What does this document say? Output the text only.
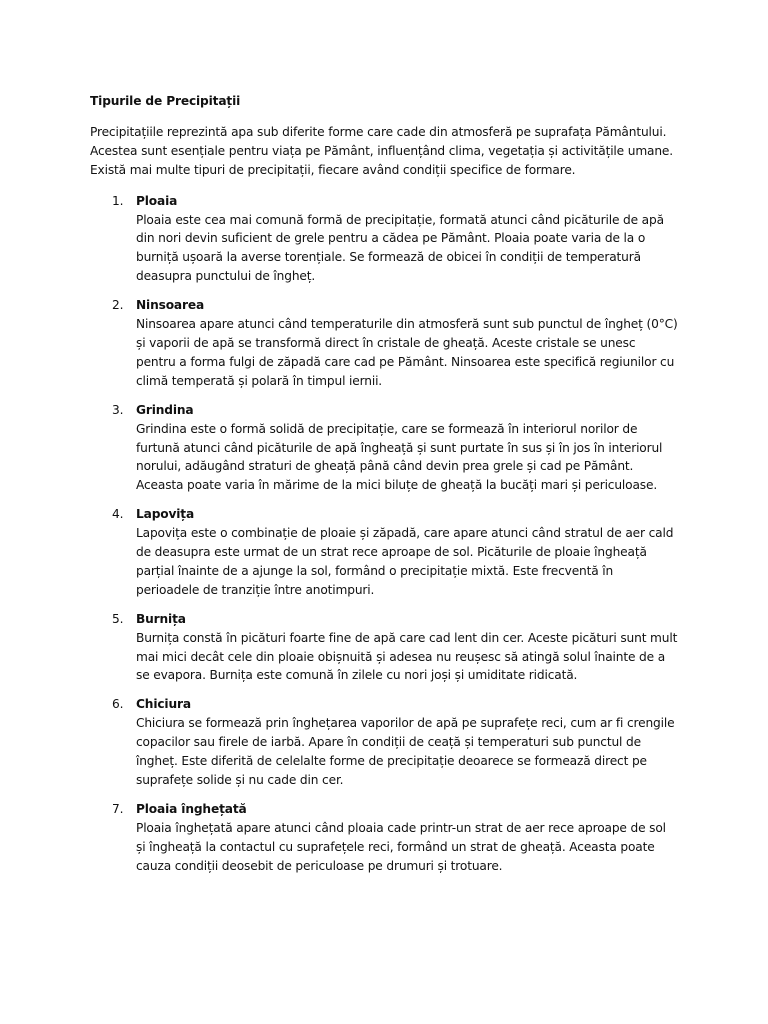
Tipurile de Precipitații

Precipitațiile reprezintă apa sub diferite forme care cade din atmosferă pe suprafața Pământului. Acestea sunt esențiale pentru viața pe Pământ, influențând clima, vegetația și activitățile umane. Există mai multe tipuri de precipitații, fiecare având condiții specifice de formare.

1.	Ploaia
Ploaia este cea mai comună formă de precipitație, formată atunci când picăturile de apă din nori devin suficient de grele pentru a cădea pe Pământ. Ploaia poate varia de la o burniță ușoară la averse torențiale. Se formează de obicei în condiții de temperatură deasupra punctului de îngheț.
2.	Ninsoarea
Ninsoarea apare atunci când temperaturile din atmosferă sunt sub punctul de îngheț (0°C) și vaporii de apă se transformă direct în cristale de gheață. Aceste cristale se unesc pentru a forma fulgi de zăpadă care cad pe Pământ. Ninsoarea este specifică regiunilor cu climă temperată și polară în timpul iernii.
3.	Grindina
Grindina este o formă solidă de precipitație, care se formează în interiorul norilor de furtună atunci când picăturile de apă îngheață și sunt purtate în sus și în jos în interiorul norului, adăugând straturi de gheață până când devin prea grele și cad pe Pământ. Aceasta poate varia în mărime de la mici biluțe de gheață la bucăți mari și periculoase.
4.	Lapovița
Lapovița este o combinație de ploaie și zăpadă, care apare atunci când stratul de aer cald de deasupra este urmat de un strat rece aproape de sol. Picăturile de ploaie îngheață parțial înainte de a ajunge la sol, formând o precipitație mixtă. Este frecventă în perioadele de tranziție între anotimpuri.
5.	Burnița
Burnița constă în picături foarte fine de apă care cad lent din cer. Aceste picături sunt mult mai mici decât cele din ploaie obișnuită și adesea nu reușesc să atingă solul înainte de a se evapora. Burnița este comună în zilele cu nori joși și umiditate ridicată.
6.	Chiciura
Chiciura se formează prin înghețarea vaporilor de apă pe suprafețe reci, cum ar fi crengile copacilor sau firele de iarbă. Apare în condiții de ceață și temperaturi sub punctul de îngheț. Este diferită de celelalte forme de precipitație deoarece se formează direct pe suprafețe solide și nu cade din cer.
7.	Ploaia înghețată
Ploaia înghețată apare atunci când ploaia cade printr-un strat de aer rece aproape de sol și îngheață la contactul cu suprafețele reci, formând un strat de gheață. Aceasta poate cauza condiții deosebit de periculoase pe drumuri și trotuare.
